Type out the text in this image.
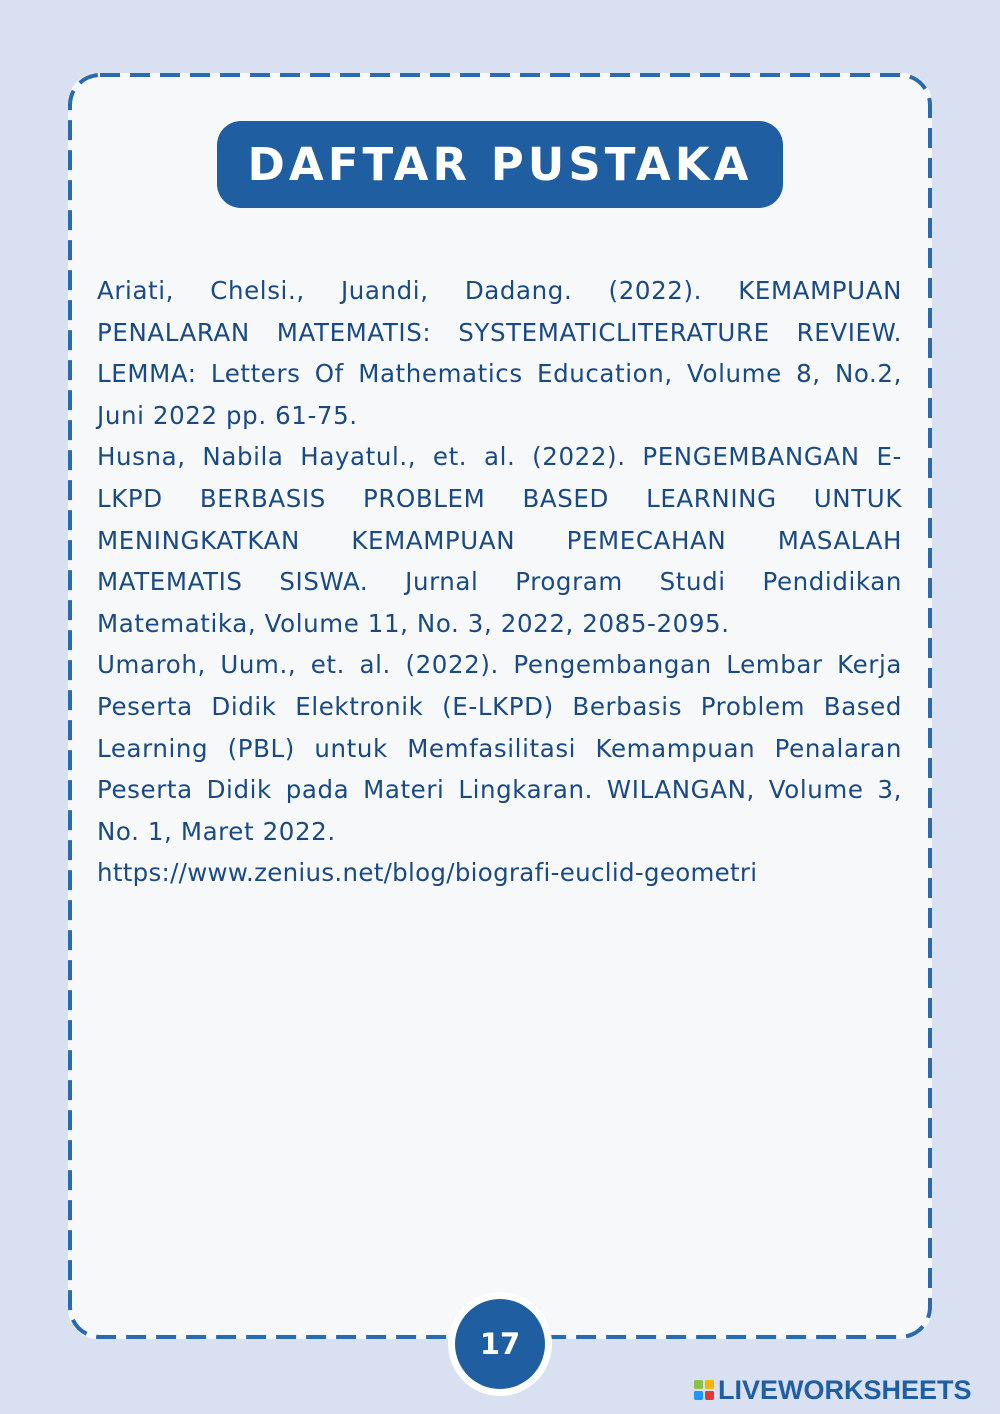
DAFTAR PUSTAKA

Ariati, Chelsi., Juandi, Dadang. (2022). KEMAMPUAN PENALARAN MATEMATIS: SYSTEMATICLITERATURE REVIEW. LEMMA: Letters Of Mathematics Education, Volume 8, No.2, Juni 2022 pp. 61-75.

Husna, Nabila Hayatul., et. al. (2022). PENGEMBANGAN E-LKPD BERBASIS PROBLEM BASED LEARNING UNTUK MENINGKATKAN KEMAMPUAN PEMECAHAN MASALAH MATEMATIS SISWA. Jurnal Program Studi Pendidikan Matematika, Volume 11, No. 3, 2022, 2085-2095.

Umaroh, Uum., et. al. (2022). Pengembangan Lembar Kerja Peserta Didik Elektronik (E-LKPD) Berbasis Problem Based Learning (PBL) untuk Memfasilitasi Kemampuan Penalaran Peserta Didik pada Materi Lingkaran. WILANGAN, Volume 3, No. 1, Maret 2022.

https://www.zenius.net/blog/biografi-euclid-geometri

17
LIVEWORKSHEETS
